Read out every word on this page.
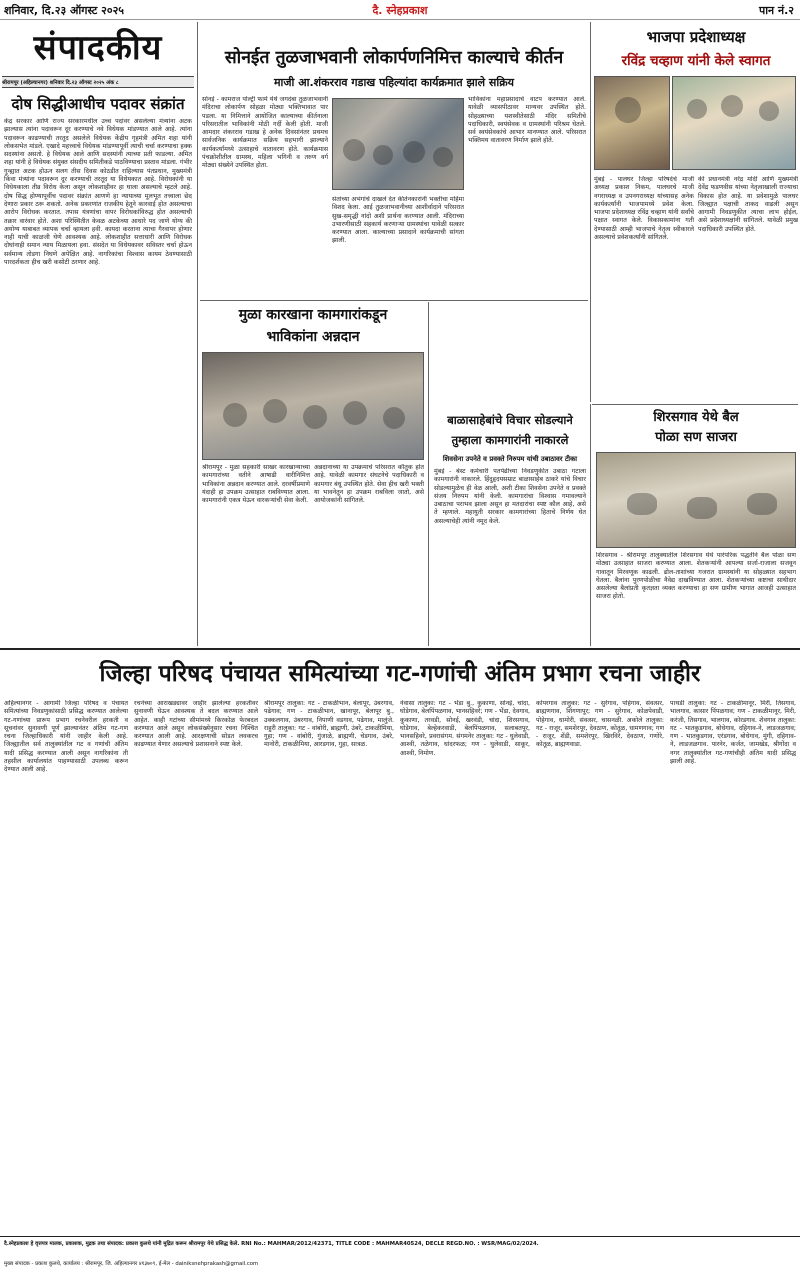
शनिवार, दि.२३ ऑगस्ट २०२५	दै. स्नेहप्रकाश	पान नं.२
संपादकीय
श्रीरामपूर (अहिल्यानगर) शनिवार दि.२३ ऑगस्ट २०२५ अंक ८
दोष सिद्धीआधीच पदावर संक्रांत
केंद्र सरकार आणि राज्य सरकारमधील उच्च पदांवर असलेल्या मंत्र्यांना अटक झाल्यास त्यांना पदावरून दूर करण्याचे नवे विधेयक मांडण्यात आले आहे. त्यांना पदावरून काढण्याची तरतूद असलेले विधेयक केंद्रीय गृहमंत्री अमित शहा यांनी लोकसभेत मांडले. एखादे महत्त्वाचे विधेयक मांडण्यापूर्वी त्याची चर्चा करण्याचा हक्क सदस्यांना असतो. हे विधेयक आले आणि सदस्यांनी त्याच्या प्रती फाडल्या. अमित शहा यांनी हे विधेयक संयुक्त संसदीय समितीकडे पाठविण्याचा प्रस्ताव मांडला. गंभीर गुन्ह्यात अटक होऊन सलग तीस दिवस कोठडीत राहिल्यास पंतप्रधान, मुख्यमंत्री किंवा मंत्र्यांना पदावरून दूर करण्याची तरतूद या विधेयकात आहे. विरोधकांनी या विधेयकाला तीव्र विरोध केला असून लोकशाहीवर हा घाला असल्याचे म्हटले आहे. दोष सिद्ध होण्यापूर्वीच पदावर संक्रांत आणणे हा न्यायाच्या मूलभूत तत्त्वाला छेद देणारा प्रकार ठरू शकतो. अनेक प्रकरणांत राजकीय हेतूने कारवाई होत असल्याचा आरोप विरोधक करतात. तपास यंत्रणांचा वापर विरोधकांविरुद्ध होत असल्याची तक्रार वारंवार होते. अशा परिस्थितीत केवळ अटकेच्या आधारे पद जाणे योग्य की अयोग्य याबाबत व्यापक चर्चा व्हायला हवी. कायदा करताना त्याचा गैरवापर होणार नाही याची काळजी घेणे आवश्यक आहे. लोकशाहीत सत्ताधारी आणि विरोधक दोघांनाही समान न्याय मिळायला हवा. संसदेत या विधेयकावर सविस्तर चर्चा होऊन सर्वमान्य तोडगा निघणे अपेक्षित आहे. नागरिकांचा विश्वास कायम ठेवण्यासाठी पारदर्शकता हीच खरी कसोटी ठरणार आहे.
सोनईत तुळजाभवानी लोकार्पणनिमित्त काल्याचे कीर्तन
माजी आ.शंकरराव गडाख पहिल्यांदा कार्यक्रमात झाले सक्रिय
सोनई - कामराज पोल्ट्री फार्म येथे जगदंबा तुळजाभवानी मंदिराचा लोकार्पण सोहळा मोठ्या भक्तिभावात पार पडला. या निमित्ताने आयोजित काल्याच्या कीर्तनाला परिसरातील भाविकांनी मोठी गर्दी केली होती. माजी आमदार शंकरराव गडाख हे अनेक दिवसांनंतर प्रथमच सार्वजनिक कार्यक्रमात सक्रिय सहभागी झाल्याने कार्यकर्त्यांमध्ये उत्साहाचे वातावरण होते. कार्यक्रमास पंचक्रोशीतील ग्रामस्थ, महिला भगिनी व तरुण वर्ग मोठ्या संख्येने उपस्थित होता.
संतांच्या अभंगांचे दाखले देत कीर्तनकारांनी भक्तीचा महिमा विशद केला. आई तुळजाभवानीच्या आशीर्वादाने परिसरात सुख-समृद्धी नांदो अशी प्रार्थना करण्यात आली. मंदिराच्या उभारणीसाठी सहकार्य करणाऱ्या ग्रामस्थांचा यावेळी सत्कार करण्यात आला. काल्याच्या प्रसादाने कार्यक्रमाची सांगता झाली.
भाविकांना महाप्रसादाचे वाटप करण्यात आले. यावेळी व्यासपीठावर मान्यवर उपस्थित होते. सोहळ्याच्या यशस्वीतेसाठी मंदिर समितीचे पदाधिकारी, स्वयंसेवक व ग्रामस्थांनी परिश्रम घेतले. सर्व स्वयंसेवकांचे आभार मानण्यात आले. परिसरात भक्तिमय वातावरण निर्माण झाले होते.
भाजपा प्रदेशाध्यक्ष
रविंद्र चव्हाण यांनी केले स्वागत
मुंबई - पालघर जिल्हा परिषदेचे माजी अध्यक्ष प्रकाश निकम, पालघरचे माजी नगराध्यक्ष व उपनगराध्यक्ष यांच्यासह अनेक कार्यकर्त्यांनी भाजपामध्ये प्रवेश केला. भाजपा प्रदेशाध्यक्ष रविंद्र चव्हाण यांनी सर्वांचे पक्षात स्वागत केले. विकासकामांना गती देण्यासाठी आम्ही भाजपाचे नेतृत्व स्वीकारले असल्याचे प्रवेशकर्त्यांनी सांगितले.
की प्रधानमंत्री नरेंद्र मोदी आणि मुख्यमंत्री देवेंद्र फडणवीस यांच्या नेतृत्वाखाली राज्याचा विकास होत आहे. या प्रवेशामुळे पालघर जिल्ह्यात पक्षाची ताकद वाढली असून आगामी निवडणुकीत त्याचा लाभ होईल, असे प्रदेशाध्यक्षांनी सांगितले. यावेळी प्रमुख पदाधिकारी उपस्थित होते.
मुळा कारखाना कामगारांकडून
भाविकांना अन्नदान
श्रीरामपूर - मुळा सहकारी साखर कारखान्याच्या कामगारांच्या वतीने आषाढी वारीनिमित्त भाविकांना अन्नदान करण्यात आले. दरवर्षीप्रमाणे यंदाही हा उपक्रम उत्साहात राबविण्यात आला. कामगारांनी एकत्र येऊन वारकऱ्यांची सेवा केली.
अन्नदानाच्या या उपक्रमाचे परिसरात कौतुक होत आहे. यावेळी कामगार संघटनेचे पदाधिकारी व कामगार बंधू उपस्थित होते. सेवा हीच खरी भक्ती या भावनेतून हा उपक्रम राबविला जातो, असे आयोजकांनी सांगितले.
बाळासाहेबांचे विचार सोडल्याने
तुम्हाला कामगारांनी नाकारले
शिवसेना उपनेते व प्रवक्ते निरुपम यांची उबाठावर टीका
मुंबई - बेस्ट कर्मचारी पतपेढीच्या निवडणुकीत उबाठा गटाला कामगारांनी नाकारले. हिंदुहृदयसम्राट बाळासाहेब ठाकरे यांचे विचार सोडल्यामुळेच ही वेळ आली, अशी टीका शिवसेना उपनेते व प्रवक्ते संजय निरुपम यांनी केली. कामगारांचा विश्वास गमावल्याने उबाठाचा पराभव झाला असून हा मतदारांचा स्पष्ट कौल आहे, असे ते म्हणाले. महायुती सरकार कामगारांच्या हिताचे निर्णय घेत असल्याचेही त्यांनी नमूद केले.
शिरसगाव येथे बैल
पोळा सण साजरा
शिरसगाव - श्रीरामपूर तालुक्यातील शिरसगाव येथे पारंपरिक पद्धतीने बैल पोळा सण मोठ्या उत्साहात साजरा करण्यात आला. शेतकऱ्यांनी आपल्या सर्जा-राजाला सजवून गावातून मिरवणूक काढली. ढोल-ताशांच्या गजरात ग्रामस्थांनी या सोहळ्यात सहभाग घेतला. बैलांना पुरणपोळीचा नैवेद्य दाखविण्यात आला. शेतकऱ्यांच्या कष्टाचा साथीदार असलेल्या बैलांप्रती कृतज्ञता व्यक्त करण्याचा हा सण ग्रामीण भागात आजही उत्साहात साजरा होतो.
जिल्हा परिषद पंचायत समित्यांच्या गट-गणांची अंतिम प्रभाग रचना जाहीर
अहिल्यानगर - आगामी जिल्हा परिषद व पंचायत समित्यांच्या निवडणुकांसाठी प्रसिद्ध करण्यात आलेल्या गट-गणांच्या प्रारूप प्रभाग रचनेवरील हरकती व सूचनांवर सुनावणी पूर्ण झाल्यानंतर अंतिम गट-गण रचना जिल्हाधिकारी यांनी जाहीर केली आहे. जिल्ह्यातील सर्व तालुक्यांतील गट व गणांची अंतिम यादी प्रसिद्ध करण्यात आली असून नागरिकांना ती तहसील कार्यालयांत पाहण्यासाठी उपलब्ध करून देण्यात आली आहे.
रचनेच्या आराखड्यावर जाहीर झालेल्या हरकतींवर सुनावणी घेऊन आवश्यक ते बदल करण्यात आले आहेत. काही गटांच्या सीमांमध्ये किरकोळ फेरबदल करण्यात आले असून लोकसंख्येनुसार रचना निश्चित करण्यात आली आहे. आरक्षणाची सोडत लवकरच काढण्यात येणार असल्याचे प्रशासनाने स्पष्ट केले.
श्रीरामपूर तालुका: गट - टाकळीभान, बेलापूर, उंबरगाव, पढेगाव; गण - टाकळीभान, खानापूर, बेलापूर बु., उक्कलगाव, उंबरगाव, निपाणी वडगाव, पढेगाव, मालुंजे. राहुरी तालुका: गट - वांबोरी, ब्राह्मणी, उंबरे, टाकळीमिया, गुहा; गण - वांबोरी, गुंजाळे, ब्राह्मणी, चेडगाव, उंबरे, मानोरी, टाकळीमिया, आरडगाव, गुहा, सात्रळ.
नेवासा तालुका: गट - भेंडा बु., कुकाणा, सोनई, चांदा, घोडेगाव, बेलपिंपळगाव, भानसहिवरे; गण - भेंडा, देवगाव, कुकाणा, तरवडी, सोनई, खरवंडी, चांदा, शिरसगाव, घोडेगाव, बेल्हेकरवाडी, बेलपिंपळगाव, सलाबतपूर, भानसहिवरे, प्रवरासंगम. संगमनेर तालुका: गट - घुलेवाडी, आश्वी, तळेगाव, धांदरफळ; गण - घुलेवाडी, साकूर, आश्वी, निमोण.
कोपरगाव तालुका: गट - सुरेगाव, पोहेगाव, संवत्सर, ब्राह्मणगाव, शिंगणापूर; गण - सुरेगाव, कोळपेवाडी, पोहेगाव, धामोरी, संवत्सर, चासनळी. अकोले तालुका: गट - राजूर, समशेरपूर, देवठाण, कोतूळ, धामणगाव; गण - राजूर, शेंडी, समशेरपूर, खिरविरे, देवठाण, गणोरे, कोतूळ, ब्राह्मणवाडा.
पाथर्डी तालुका: गट - टाकळीमानूर, मिरी, तिसगाव, भालगाव, कासार पिंपळगाव; गण - टाकळीमानूर, मिरी, करंजी, तिसगाव, भालगाव, कोरडगाव. शेवगाव तालुका: गट - भातकुडगाव, बोधेगाव, दहिगाव-ने, लाडजळगाव; गण - भातकुडगाव, एरंडगाव, बोधेगाव, मुंगी, दहिगाव-ने, लाडजळगाव. पारनेर, कर्जत, जामखेड, श्रीगोंदा व नगर तालुक्यांतील गट-गणांचीही अंतिम यादी प्रसिद्ध झाली आहे.
दै.स्नेहप्रकाश हे वृत्तपत्र मालक, प्रकाशक, मुद्रक तथा संपादक: प्रकाश कुलथे यांनी मुद्रित करून श्रीरामपूर येथे प्रसिद्ध केले. RNI No.: MAHMAR/2012/42371, TITLE CODE : MAHMAR40524, DECLE REGD.NO. : WSR/MAG/02/2024.
मुख्य संपादक - प्रकाश कुलथे, कार्यालय : श्रीरामपूर, जि. अहिल्यानगर ४१३७०९, ई-मेल - dainiksnehprakash@gmail.com
